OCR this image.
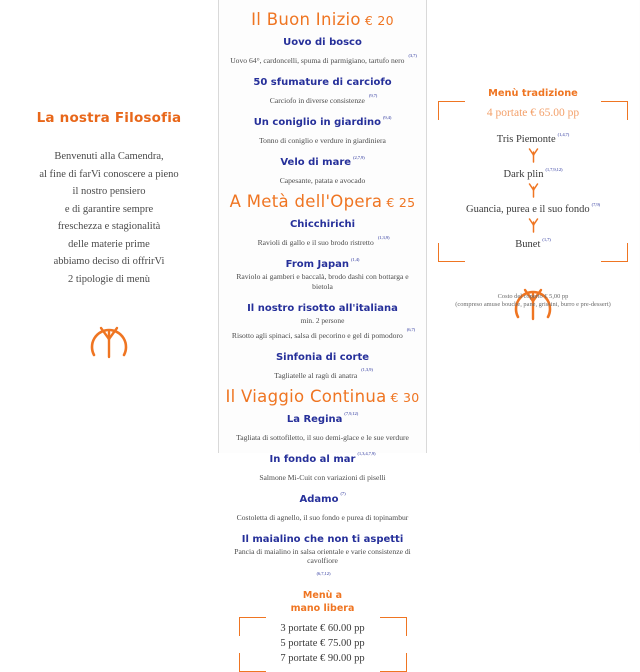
La nostra Filosofia
Benvenuti alla Camendra,
al fine di farVi conoscere a pieno
il nostro pensiero
e di garantire sempre
freschezza e stagionalità
delle materie prime
abbiamo deciso di offrirVi
2 tipologie di menù
Il Buon Inizio € 20
Uovo di bosco
Uovo 64°, cardoncelli, spuma di parmigiano, tartufo nero$^{(3,7)}$
50 sfumature di carciofo
Carciofo in diverse consistenze$^{(9,7)}$
Un coniglio in giardino $^{(9,4)}$
Tonno di coniglio e verdure in giardiniera
Velo di mare $^{(2,7,9)}$
Capesante, patata e avocado
A Metà dell'Opera € 25
Chicchirichi
Ravioli di gallo e il suo brodo ristretto$^{(1,3,9)}$
From Japan $^{(1,4)}$
Raviolo ai gamberi e baccalà, brodo dashi con bottarga e bietola
Il nostro risotto all'italiana
min. 2 persone
Risotto agli spinaci, salsa di pecorino e gel di pomodoro$^{(6,7)}$
Sinfonia di corte
Tagliatelle al ragù di anatra$^{(1,3,9)}$
Il Viaggio Continua € 30
La Regina $^{(7,9,12)}$
Tagliata di sottofiletto, il suo demi-glace e le sue verdure
In fondo al mar $^{(1,3,4,7,9)}$
Salmone Mi-Cuit con variazioni di piselli
Adamo $^{(7)}$
Costoletta di agnello, il suo fondo e purea di topinambur
Il maialino che non ti aspetti
Pancia di maialino in salsa orientale e varie consistenze di cavolfiore$^{(6,7,12)}$
Menù a
mano libera
3 portate € 60.00 pp
5 portate € 75.00 pp
7 portate € 90.00 pp
Menù tradizione
4 portate € 65.00 pp
Tris Piemonte $^{(1,4,7)}$
Dark plin $^{(1,7,9,12)}$
Guancia, purea e il suo fondo $^{(7,9)}$
Bunet $^{(1,7)}$
Costo del coperto € 5,00 pp
(compreso amuse bouche, pane, grissini, burro e pre-dessert)
